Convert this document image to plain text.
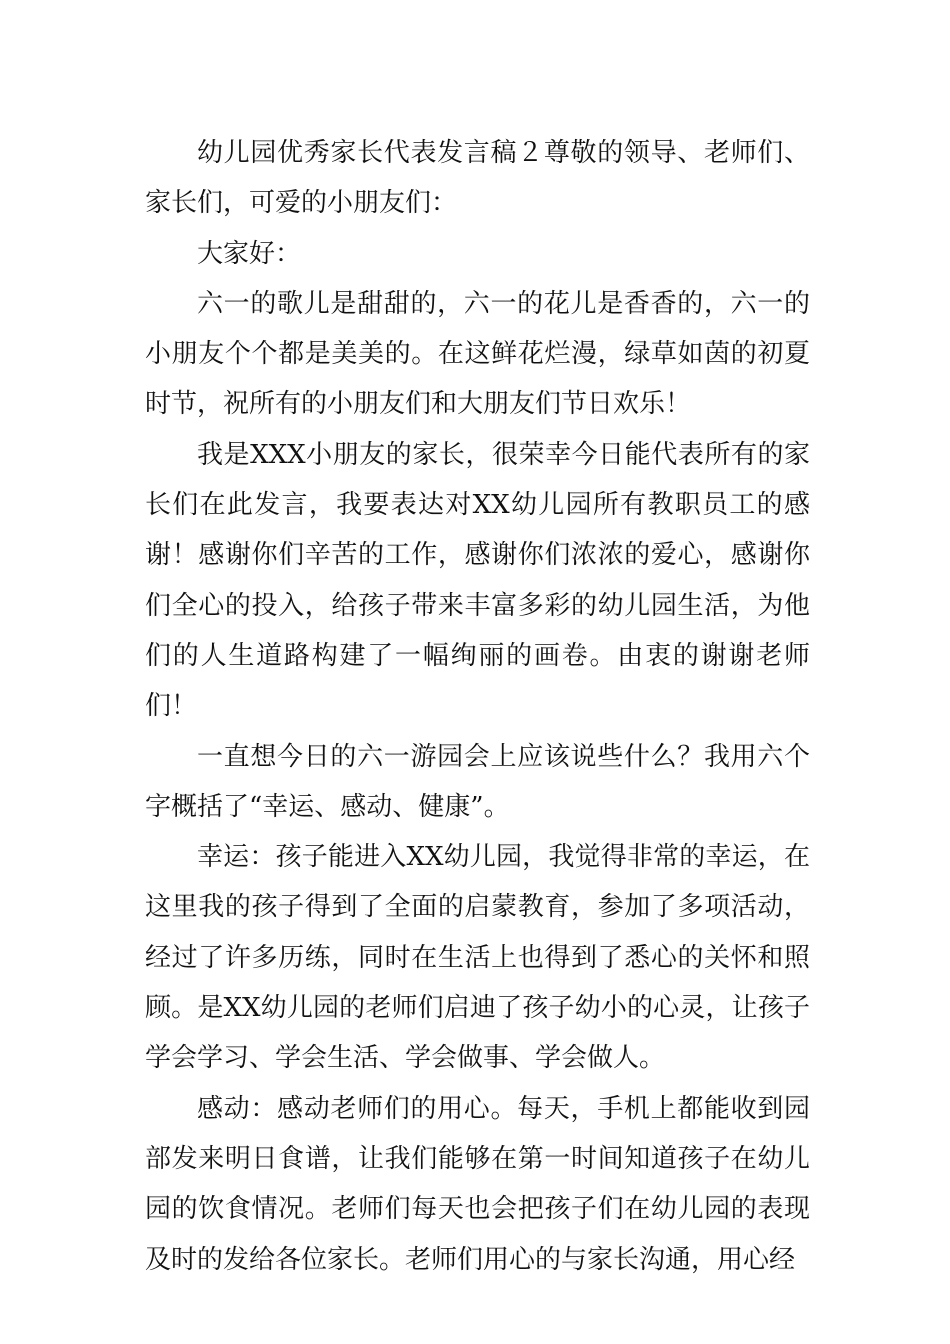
幼儿园优秀家长代表发言稿２尊敬的领导、老师们、家长们，可爱的小朋友们：

大家好：

六一的歌儿是甜甜的，六一的花儿是香香的，六一的小朋友个个都是美美的。在这鲜花烂漫，绿草如茵的初夏时节，祝所有的小朋友们和大朋友们节日欢乐！

我是XXX小朋友的家长，很荣幸今日能代表所有的家长们在此发言，我要表达对XX幼儿园所有教职员工的感谢！感谢你们辛苦的工作，感谢你们浓浓的爱心，感谢你们全心的投入，给孩子带来丰富多彩的幼儿园生活，为他们的人生道路构建了一幅绚丽的画卷。由衷的谢谢老师们！

一直想今日的六一游园会上应该说些什么？我用六个字概括了“幸运、感动、健康”。

幸运：孩子能进入XX幼儿园，我觉得非常的幸运，在这里我的孩子得到了全面的启蒙教育，参加了多项活动，经过了许多历练，同时在生活上也得到了悉心的关怀和照顾。是XX幼儿园的老师们启迪了孩子幼小的心灵，让孩子学会学习、学会生活、学会做事、学会做人。

感动：感动老师们的用心。每天，手机上都能收到园部发来明日食谱，让我们能够在第一时间知道孩子在幼儿园的饮食情况。老师们每天也会把孩子们在幼儿园的表现及时的发给各位家长。老师们用心的与家长沟通，用心经
